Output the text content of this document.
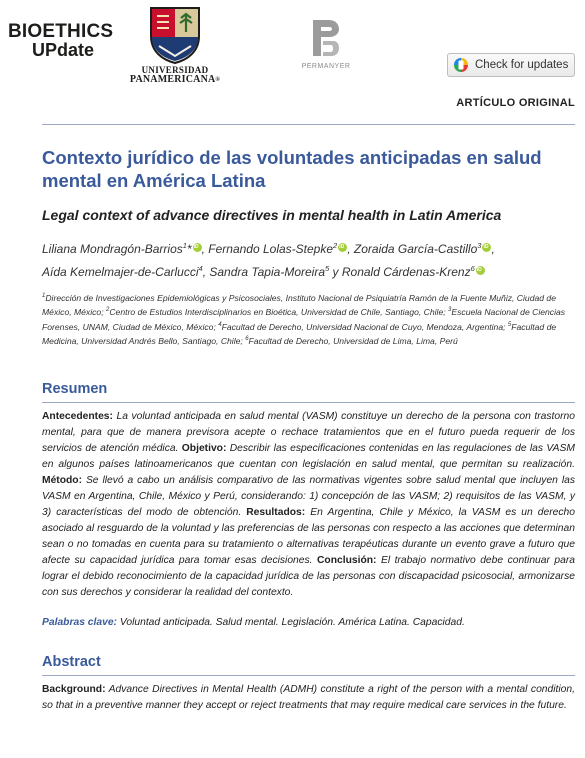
BIOETHICS
UPdate
UNIVERSIDAD
PANAMERICANA®
PERMANYER	Check for updates
ARTÍCULO ORIGINAL
Contexto jurídico de las voluntades anticipadas en salud mental en América Latina
Legal context of advance directives in mental health in Latin America
Liliana Mondragón-Barrios$^1$* iD , Fernando Lolas-Stepke$^2$ iD , Zoraida García-Castillo$^3$ iD ,
Aída Kemelmajer-de-Carlucci$^4$, Sandra Tapia-Moreira$^5$ y Ronald Cárdenas-Krenz$^6$iD
$^1$Dirección de Investigaciones Epidemiológicas y Psicosociales, Instituto Nacional de Psiquiatría Ramón de la Fuente Muñiz, Ciudad de México, México; $^2$Centro de Estudios Interdisciplinarios en Bioética, Universidad de Chile, Santiago, Chile; $^3$Escuela Nacional de Ciencias Forenses, UNAM, Ciudad de México, México; $^4$Facultad de Derecho, Universidad Nacional de Cuyo, Mendoza, Argentina; $^5$Facultad de Medicina, Universidad Andrés Bello, Santiago, Chile; $^6$Facultad de Derecho, Universidad de Lima, Lima, Perú
Resumen

Antecedentes: La voluntad anticipada en salud mental (VASM) constituye un derecho de la persona con trastorno mental, para que de manera previsora acepte o rechace tratamientos que en el futuro pueda requerir de los servicios de atención médica. Objetivo: Describir las especificaciones contenidas en las regulaciones de las VASM en algunos países latinoamericanos que cuentan con legislación en salud mental, que permitan su realización. Método: Se llevó a cabo un análisis comparativo de las normativas vigentes sobre salud mental que incluyen las VASM en Argentina, Chile, México y Perú, considerando: 1) concepción de las VASM; 2) requisitos de las VASM, y 3) características del modo de obtención. Resultados: En Argentina, Chile y México, la VASM es un derecho asociado al resguardo de la voluntad y las preferencias de las personas con respecto a las acciones que determinan sean o no tomadas en cuenta para su tratamiento o alternativas terapéuticas durante un evento grave a futuro que afecte su capacidad jurídica para tomar esas decisiones. Conclusión: El trabajo normativo debe continuar para lograr el debido reconocimiento de la capacidad jurídica de las personas con discapacidad psicosocial, armonizarse con sus derechos y considerar la realidad del contexto.

Palabras clave: Voluntad anticipada. Salud mental. Legislación. América Latina. Capacidad.

Abstract

Background: Advance Directives in Mental Health (ADMH) constitute a right of the person with a mental condition, so that in a preventive manner they accept or reject treatments that may require medical care services in the future.
